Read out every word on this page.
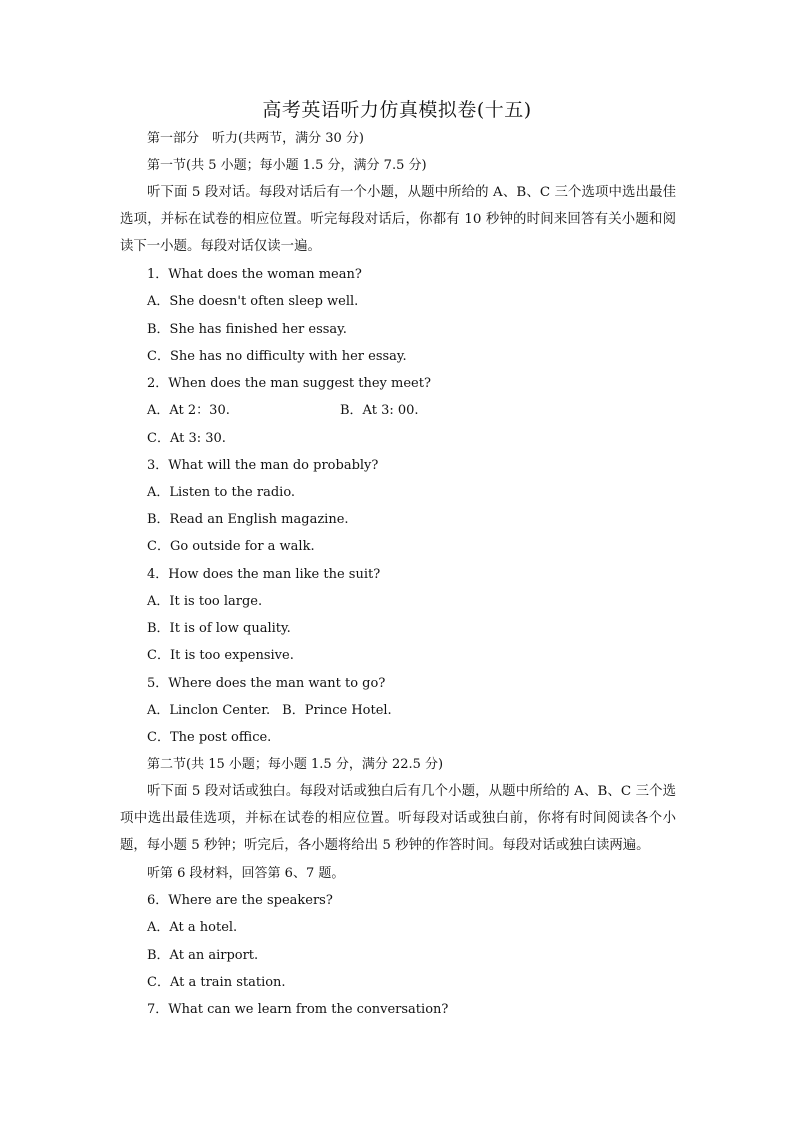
高考英语听力仿真模拟卷(十五)
第一部分　听力(共两节，满分 30 分)
第一节(共 5 小题；每小题 1.5 分，满分 7.5 分)

听下面 5 段对话。每段对话后有一个小题，从题中所给的 A、B、C 三个选项中选出最佳选项，并标在试卷的相应位置。听完每段对话后，你都有 10 秒钟的时间来回答有关小题和阅读下一小题。每段对话仅读一遍。

1．What does the woman mean?
A．She doesn't often sleep well.
B．She has finished her essay.
C．She has no difficulty with her essay.
2．When does the man suggest they meet?
A．At 2：30.	B．At 3: 00.
C．At 3: 30.
3．What will the man do probably?
A．Listen to the radio.
B．Read an English magazine.
C．Go outside for a walk.
4．How does the man like the suit?
A．It is too large.
B．It is of low quality.
C．It is too expensive.
5．Where does the man want to go?
A．Linclon Center. B．Prince Hotel.
C．The post office.
第二节(共 15 小题；每小题 1.5 分，满分 22.5 分)

听下面 5 段对话或独白。每段对话或独白后有几个小题，从题中所给的 A、B、C 三个选项中选出最佳选项，并标在试卷的相应位置。听每段对话或独白前，你将有时间阅读各个小题，每小题 5 秒钟；听完后，各小题将给出 5 秒钟的作答时间。每段对话或独白读两遍。

听第 6 段材料，回答第 6、7 题。
6．Where are the speakers?
A．At a hotel.
B．At an airport.
C．At a train station.
7．What can we learn from the conversation?
